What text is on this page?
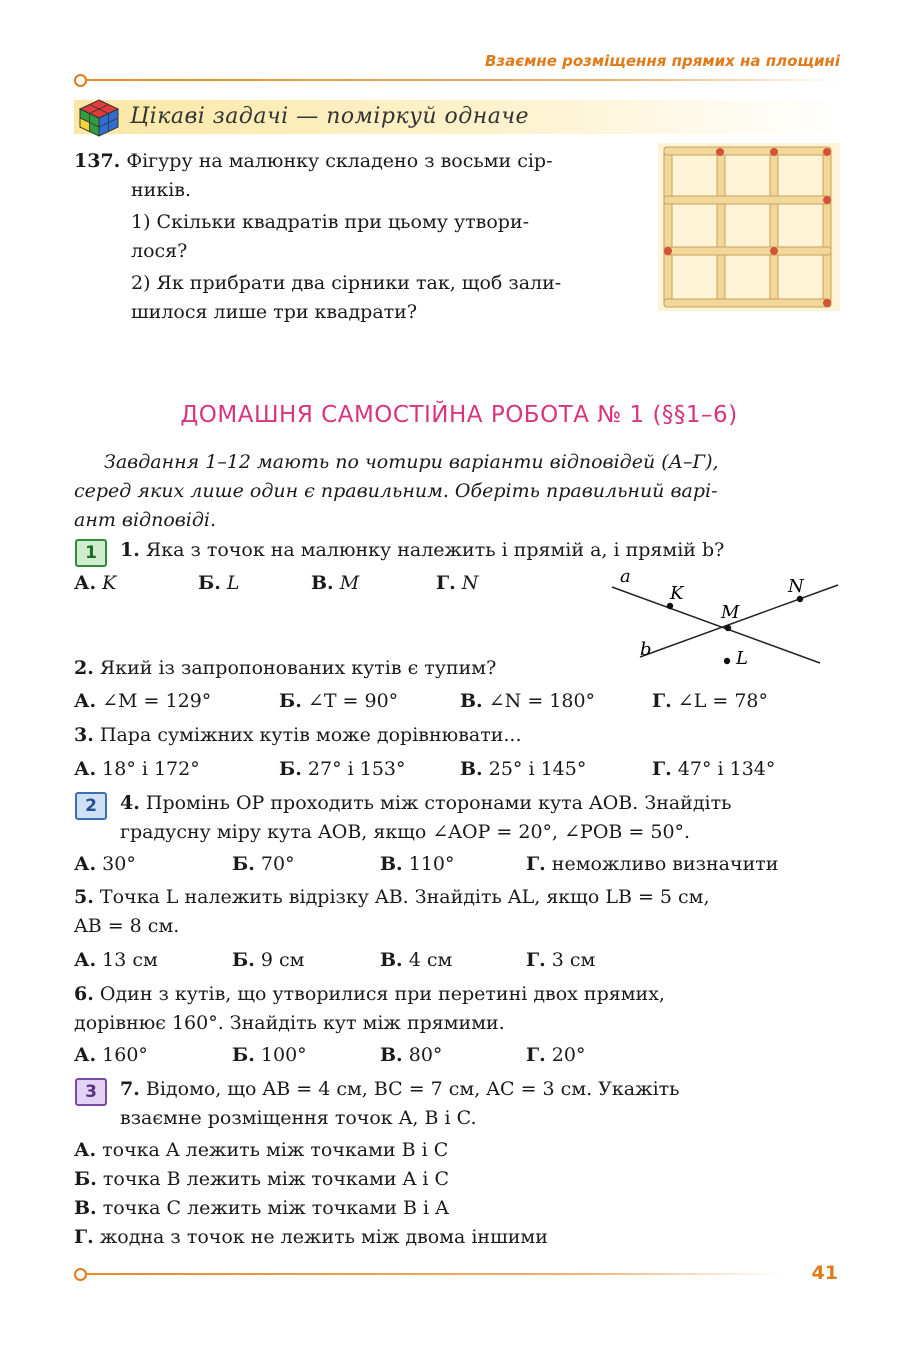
Взаємне розміщення прямих на площині
Цікаві задачі — поміркуй одначе
137. Фігуру на малюнку складено з восьми сір-
ників.
1) Скільки квадратів при цьому утвори-
лося?
2) Як прибрати два сірники так, щоб зали-
шилося лише три квадрати?
ДОМАШНЯ САМОСТІЙНА РОБОТА № 1 (§§1–6)
Завдання 1–12 мають по чотири варіанти відповідей (А–Г),
серед яких лише один є правильним. Оберіть правильний варі-
ант відповіді.
1	1. Яка з точок на малюнку належить і прямій a, і прямій b?
А. K	Б. L	В. M	Г. N	a
b
K
M
N
L
2. Який із запропонованих кутів є тупим?
А. ∠M = 129°	Б. ∠T = 90°	В. ∠N = 180°	Г. ∠L = 78°
3. Пара суміжних кутів може дорівнювати...
А. 18° і 172°	Б. 27° і 153°	В. 25° і 145°	Г. 47° і 134°
2	4. Промінь OP проходить між сторонами кута AOB. Знайдіть
градусну міру кута AOB, якщо ∠AOP = 20°, ∠POB = 50°.
А. 30°	Б. 70°	В. 110°	Г. неможливо визначити
5. Точка L належить відрізку AB. Знайдіть AL, якщо LB = 5 см,
AB = 8 см.
А. 13 см	Б. 9 см	В. 4 см	Г. 3 см
6. Один з кутів, що утворилися при перетині двох прямих,
дорівнює 160°. Знайдіть кут між прямими.
А. 160°	Б. 100°	В. 80°	Г. 20°
3	7. Відомо, що AB = 4 см, BC = 7 см, AC = 3 см. Укажіть
взаємне розміщення точок A, B і C.
А. точка A лежить між точками B і C
Б. точка B лежить між точками A і C
В. точка C лежить між точками B і A
Г. жодна з точок не лежить між двома іншими
41
